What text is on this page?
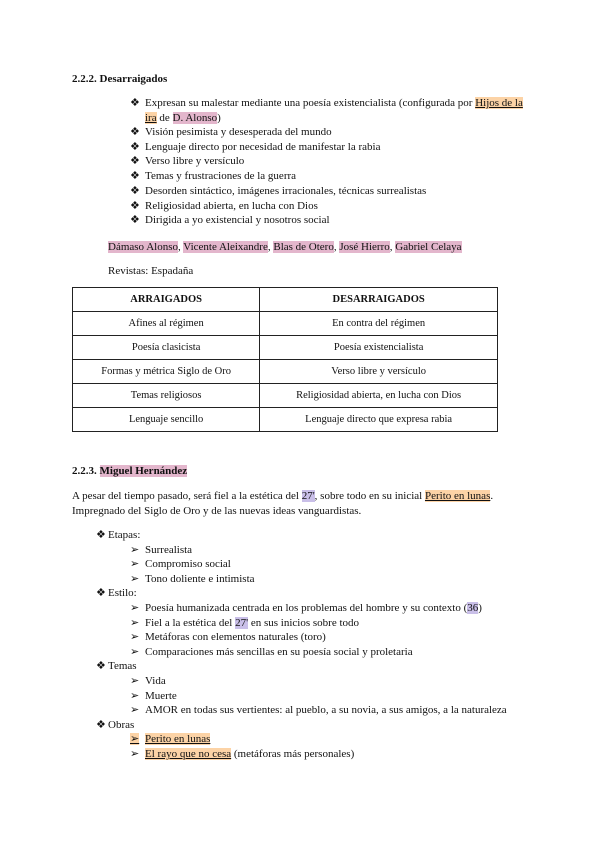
2.2.2. Desarraigados
❖ Expresan su malestar mediante una poesía existencialista (configurada por Hijos de la
ira de D. Alonso)
Dámaso Alonso, Vicente Aleixandre, Blas de Otero, José Hierro, Gabriel Celaya
Revistas: Espadaña
ARRAIGADOS	DESARRAIGADOS
Afines al régimen	En contra del régimen
Poesía clasicista	Poesía existencialista
Formas y métrica Siglo de Oro	Verso libre y versículo
Temas religiosos	Religiosidad abierta, en lucha con Dios
Lenguaje sencillo	Lenguaje directo que expresa rabia
2.2.3. Miguel Hernández
A pesar del tiempo pasado, será fiel a la estética del 27', sobre todo en su inicial Perito en lunas.
Impregnado del Siglo de Oro y de las nuevas ideas vanguardistas.
❖ Visión pesimista y desesperada del mundo
❖ Lenguaje directo por necesidad de manifestar la rabia
❖ Verso libre y versículo
❖ Temas y frustraciones de la guerra
❖ Desorden sintáctico, imágenes irracionales, técnicas surrealistas
❖ Religiosidad abierta, en lucha con Dios
❖ Dirigida a yo existencial y nosotros social
❖ Etapas:
➢ Surrealista
➢ Compromiso social
➢ Tono doliente e intimista
❖ Estilo:
➢ Poesía humanizada centrada en los problemas del hombre y su contexto (36)
➢ Fiel a la estética del 27' en sus inicios sobre todo
➢ Metáforas con elementos naturales (toro)
➢ Comparaciones más sencillas en su poesía social y proletaria
❖ Temas
➢ Vida
➢ Muerte
➢ AMOR en todas sus vertientes: al pueblo, a su novia, a sus amigos, a la naturaleza
❖ Obras
➢ Perito en lunas
➢ El rayo que no cesa (metáforas más personales)
